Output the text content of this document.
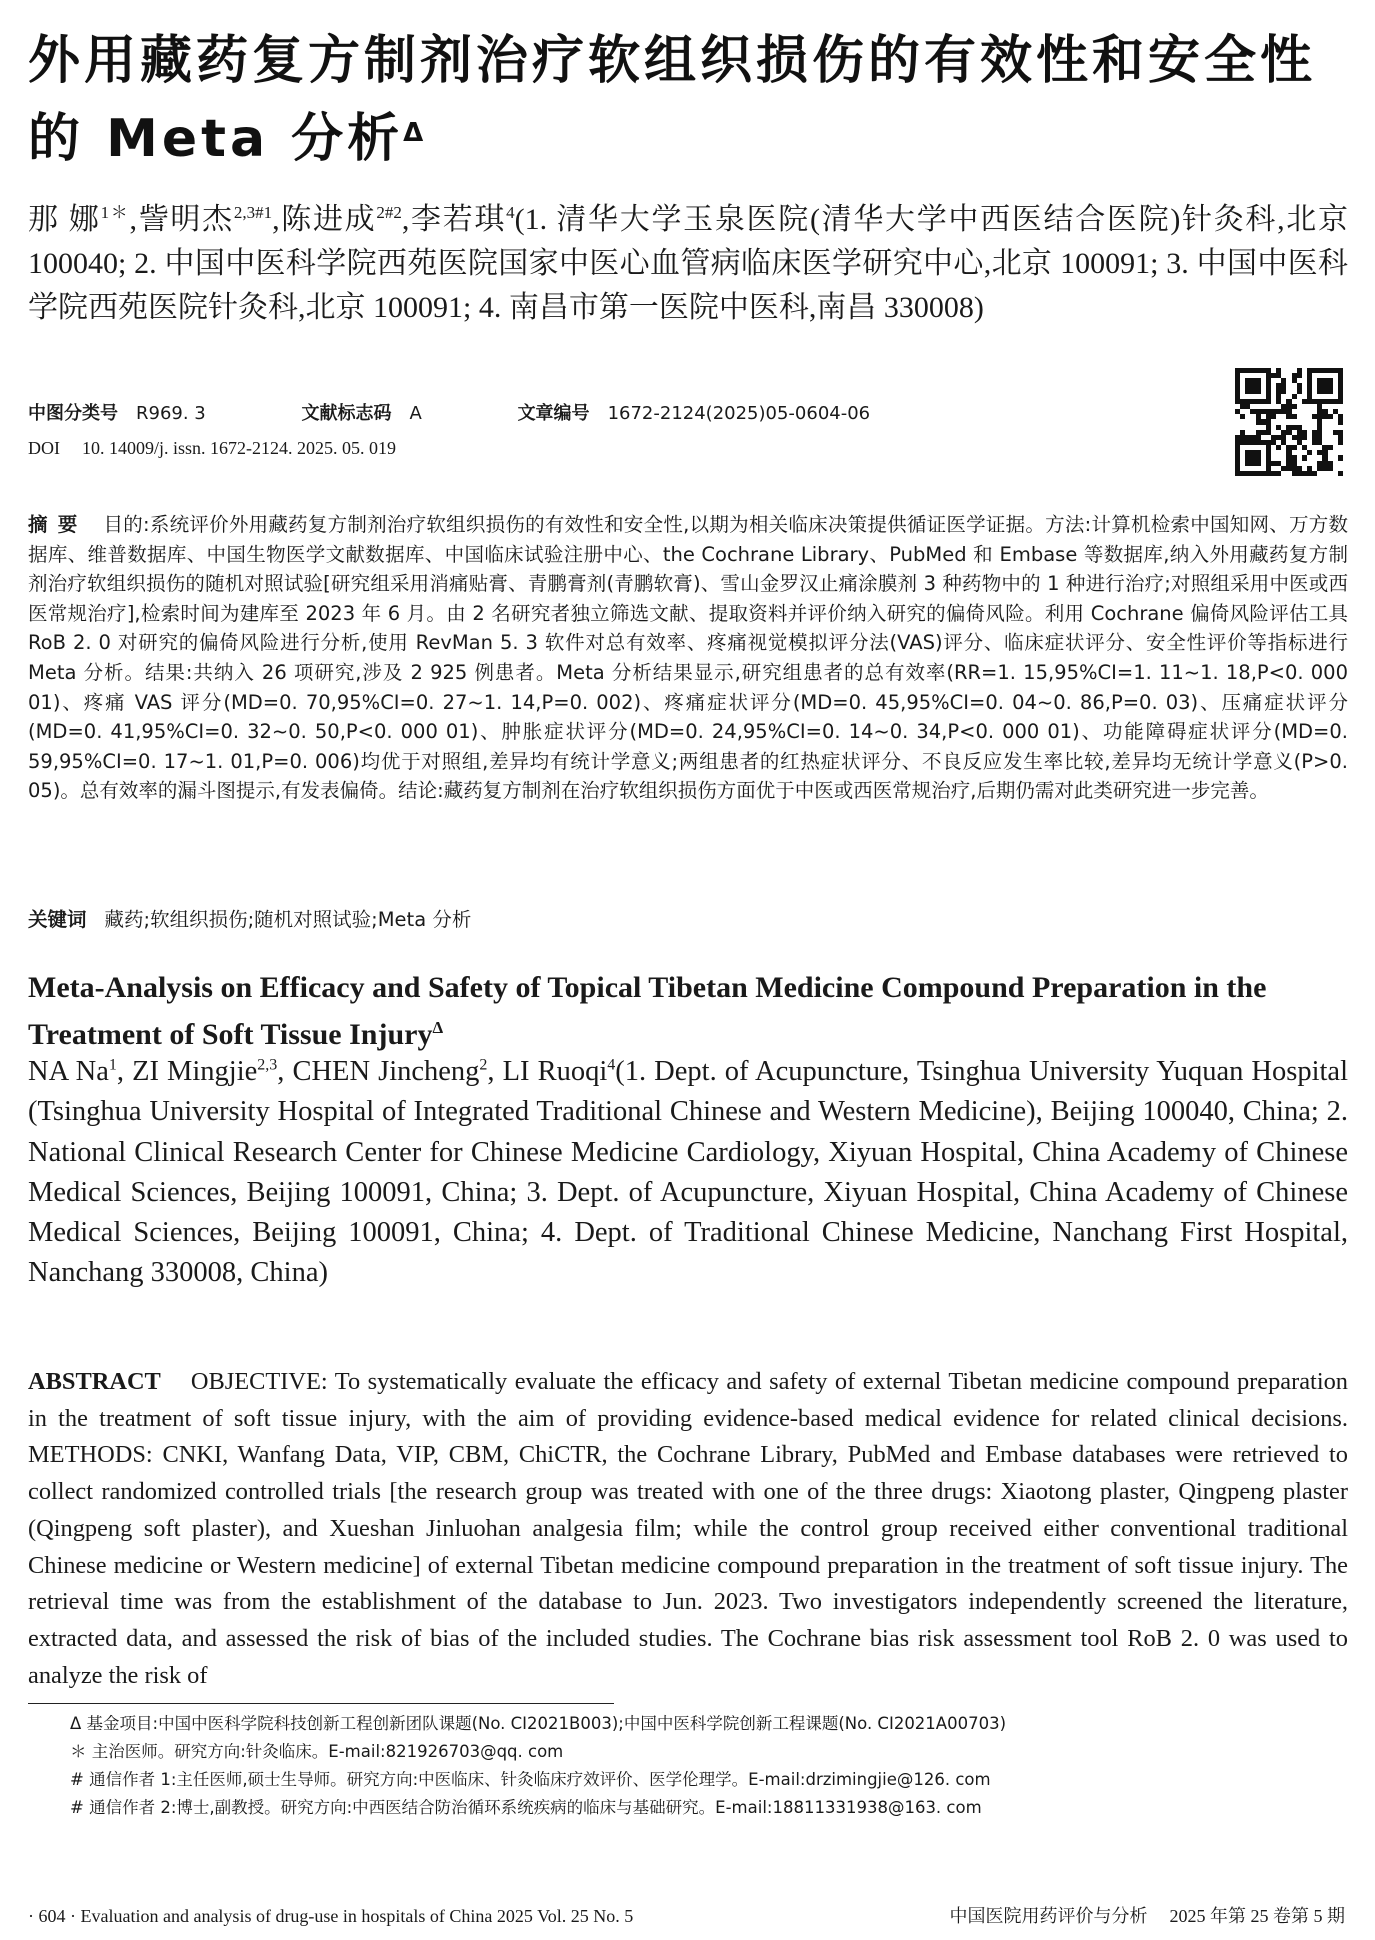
外用藏药复方制剂治疗软组织损伤的有效性和安全性的 Meta 分析$^\Delta$

那 娜$^{1*}$,訾明杰$^{2,3\#1}$,陈进成$^{2\#2}$,李若琪$^4$(1. 清华大学玉泉医院(清华大学中西医结合医院)针灸科,北京 100040; 2. 中国中医科学院西苑医院国家中医心血管病临床医学研究中心,北京 100091; 3. 中国中医科学院西苑医院针灸科,北京 100091; 4. 南昌市第一医院中医科,南昌 330008)

中图分类号 R969. 3	文献标志码 A	文章编号 1672-2124(2025)05-0604-06
DOI 10. 14009/j. issn. 1672-2124. 2025. 05. 019

摘要 目的:系统评价外用藏药复方制剂治疗软组织损伤的有效性和安全性,以期为相关临床决策提供循证医学证据。方法:计算机检索中国知网、万方数据库、维普数据库、中国生物医学文献数据库、中国临床试验注册中心、the Cochrane Library、PubMed 和 Embase 等数据库,纳入外用藏药复方制剂治疗软组织损伤的随机对照试验[研究组采用消痛贴膏、青鹏膏剂(青鹏软膏)、雪山金罗汉止痛涂膜剂 3 种药物中的 1 种进行治疗;对照组采用中医或西医常规治疗],检索时间为建库至 2023 年 6 月。由 2 名研究者独立筛选文献、提取资料并评价纳入研究的偏倚风险。利用 Cochrane 偏倚风险评估工具 RoB 2. 0 对研究的偏倚风险进行分析,使用 RevMan 5. 3 软件对总有效率、疼痛视觉模拟评分法(VAS)评分、临床症状评分、安全性评价等指标进行 Meta 分析。结果:共纳入 26 项研究,涉及 2 925 例患者。Meta 分析结果显示,研究组患者的总有效率(RR=1. 15,95%CI=1. 11~1. 18,P<0. 000 01)、疼痛 VAS 评分(MD=0. 70,95%CI=0. 27~1. 14,P=0. 002)、疼痛症状评分(MD=0. 45,95%CI=0. 04~0. 86,P=0. 03)、压痛症状评分(MD=0. 41,95%CI=0. 32~0. 50,P<0. 000 01)、肿胀症状评分(MD=0. 24,95%CI=0. 14~0. 34,P<0. 000 01)、功能障碍症状评分(MD=0. 59,95%CI=0. 17~1. 01,P=0. 006)均优于对照组,差异均有统计学意义;两组患者的红热症状评分、不良反应发生率比较,差异均无统计学意义(P>0. 05)。总有效率的漏斗图提示,有发表偏倚。结论:藏药复方制剂在治疗软组织损伤方面优于中医或西医常规治疗,后期仍需对此类研究进一步完善。

关键词 藏药;软组织损伤;随机对照试验;Meta 分析
Meta-Analysis on Efficacy and Safety of Topical Tibetan Medicine Compound Preparation in the Treatment of Soft Tissue Injury$^\Delta$

NA Na$^1$, ZI Mingjie$^{2,3}$, CHEN Jincheng$^2$, LI Ruoqi$^4$(1. Dept. of Acupuncture, Tsinghua University Yuquan Hospital (Tsinghua University Hospital of Integrated Traditional Chinese and Western Medicine), Beijing 100040, China; 2. National Clinical Research Center for Chinese Medicine Cardiology, Xiyuan Hospital, China Academy of Chinese Medical Sciences, Beijing 100091, China; 3. Dept. of Acupuncture, Xiyuan Hospital, China Academy of Chinese Medical Sciences, Beijing 100091, China; 4. Dept. of Traditional Chinese Medicine, Nanchang First Hospital, Nanchang 330008, China)

ABSTRACT OBJECTIVE: To systematically evaluate the efficacy and safety of external Tibetan medicine compound preparation in the treatment of soft tissue injury, with the aim of providing evidence-based medical evidence for related clinical decisions. METHODS: CNKI, Wanfang Data, VIP, CBM, ChiCTR, the Cochrane Library, PubMed and Embase databases were retrieved to collect randomized controlled trials [the research group was treated with one of the three drugs: Xiaotong plaster, Qingpeng plaster (Qingpeng soft plaster), and Xueshan Jinluohan analgesia film; while the control group received either conventional traditional Chinese medicine or Western medicine] of external Tibetan medicine compound preparation in the treatment of soft tissue injury. The retrieval time was from the establishment of the database to Jun. 2023. Two investigators independently screened the literature, extracted data, and assessed the risk of bias of the included studies. The Cochrane bias risk assessment tool RoB 2. 0 was used to analyze the risk of

Δ 基金项目:中国中医科学院科技创新工程创新团队课题(No. CI2021B003);中国中医科学院创新工程课题(No. CI2021A00703)
＊ 主治医师。研究方向:针灸临床。E-mail:821926703@qq. com
# 通信作者 1:主任医师,硕士生导师。研究方向:中医临床、针灸临床疗效评价、医学伦理学。E-mail:drzimingjie@126. com
# 通信作者 2:博士,副教授。研究方向:中西医结合防治循环系统疾病的临床与基础研究。E-mail:18811331938@163. com
· 604 · Evaluation and analysis of drug-use in hospitals of China 2025 Vol. 25 No. 5	中国医院用药评价与分析 2025 年第 25 卷第 5 期
